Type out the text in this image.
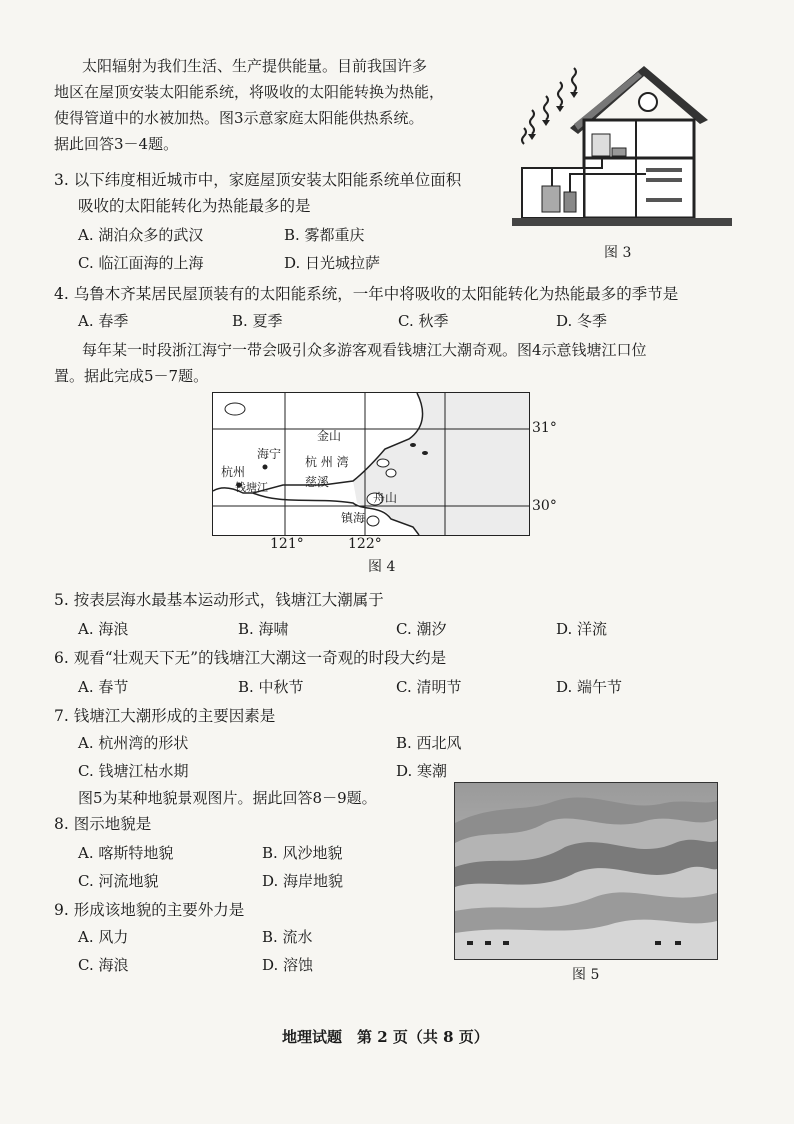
太阳辐射为我们生活、生产提供能量。目前我国许多
地区在屋顶安装太阳能系统，将吸收的太阳能转换为热能，
使得管道中的水被加热。图3示意家庭太阳能供热系统。
据此回答3－4题。
3. 以下纬度相近城市中，家庭屋顶安装太阳能系统单位面积
吸收的太阳能转化为热能最多的是
A. 湖泊众多的武汉	B. 雾都重庆
C. 临江面海的上海	D. 日光城拉萨
图 3
4. 乌鲁木齐某居民屋顶装有的太阳能系统，一年中将吸收的太阳能转化为热能最多的季节是
A. 春季	B. 夏季	C. 秋季	D. 冬季
每年某一时段浙江海宁一带会吸引众多游客观看钱塘江大潮奇观。图4示意钱塘江口位
置。据此完成5－7题。
金山
海宁
杭州
钱塘江
杭 州 湾
慈溪
镇海
舟山
31°
30°
121°	122°
图 4
5. 按表层海水最基本运动形式，钱塘江大潮属于
A. 海浪	B. 海啸	C. 潮汐	D. 洋流
6. 观看“壮观天下无”的钱塘江大潮这一奇观的时段大约是
A. 春节	B. 中秋节	C. 清明节	D. 端午节
7. 钱塘江大潮形成的主要因素是
A. 杭州湾的形状	B. 西北风
C. 钱塘江枯水期	D. 寒潮
图5为某种地貌景观图片。据此回答8－9题。
8. 图示地貌是
A. 喀斯特地貌	B. 风沙地貌
C. 河流地貌	D. 海岸地貌
9. 形成该地貌的主要外力是
A. 风力	B. 流水
C. 海浪	D. 溶蚀
图 5
地理试题　第 2 页（共 8 页）
